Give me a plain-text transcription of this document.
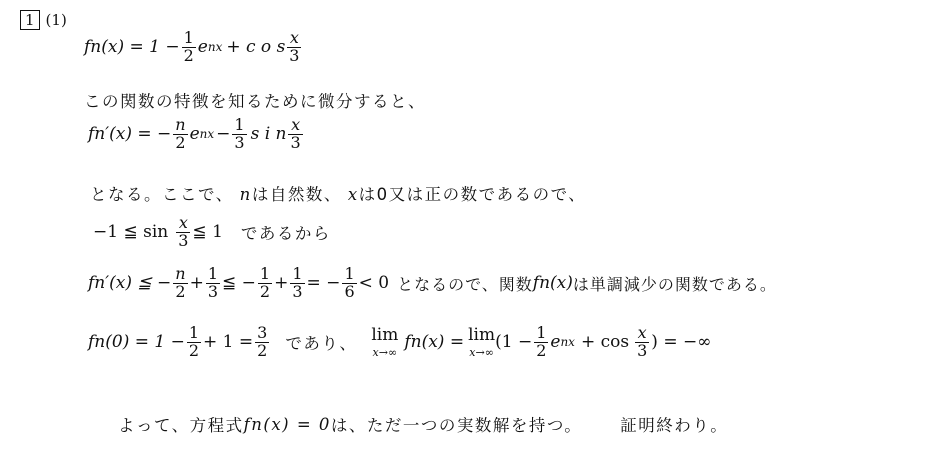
1 (1)
$fn(x) = 1 - \frac{1}{2}$ e nx + c o s $\frac{x}{3}$
この関数の特徴を知るために微分すると、
fn′(x) = − $\frac{n}{2}$ e nx − $\frac{1}{3}$ s i n $\frac{x}{3}$
となる。ここで、 nは自然数、 xは0又は正の数であるので、
−1 ≦ $\sin \frac{x}{3}$ ≦ 1 であるから
fn′(x) ≦ − $\frac{n}{2} + \frac{1}{3}$ ≦ − $\frac{1}{2} + \frac{1}{3}$ = − $\frac{1}{6} < 0$ となるので、関数 fn(x) は単調減少の関数である。
$fn(0) = 1 - \frac{1}{2} + 1 = \frac{3}{2}$ であり、 lim
x→∞
fn(x) = lim
x→∞
($1 - \frac{1}{2}$ e nx + $\cos \frac{x}{3}$ ) = −∞
よって、方程式 fn(x) = 0 は、ただ一つの実数解を持つ。 証明終わり。
